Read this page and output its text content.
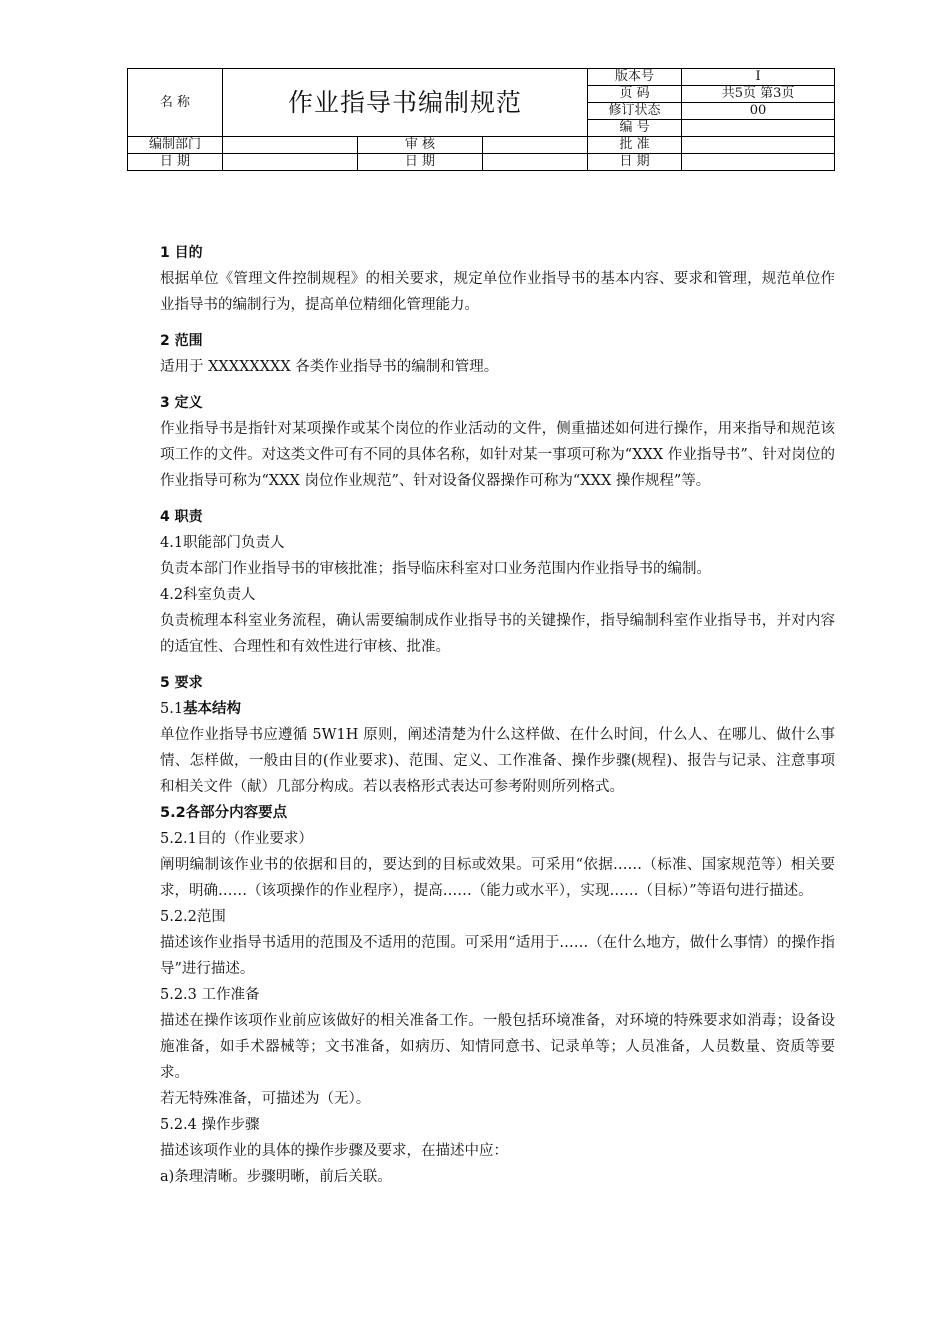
名 称	作业指导书编制规范			版本号	I
				页 码	共5页 第3页
				修订状态	00
				编 号	
编制部门		审 核		批 准	
日 期		日 期		日 期	

1 目的

根据单位《管理文件控制规程》的相关要求，规定单位作业指导书的基本内容、要求和管理，规范单位作业指导书的编制行为，提高单位精细化管理能力。

2 范围

适用于 XXXXXXXX 各类作业指导书的编制和管理。

3 定义

作业指导书是指针对某项操作或某个岗位的作业活动的文件，侧重描述如何进行操作，用来指导和规范该项工作的文件。对这类文件可有不同的具体名称，如针对某一事项可称为“XXX 作业指导书”、针对岗位的作业指导可称为“XXX 岗位作业规范”、针对设备仪器操作可称为“XXX 操作规程”等。

4 职责

4.1职能部门负责人

负责本部门作业指导书的审核批准；指导临床科室对口业务范围内作业指导书的编制。

4.2科室负责人

负责梳理本科室业务流程，确认需要编制成作业指导书的关键操作，指导编制科室作业指导书，并对内容的适宜性、合理性和有效性进行审核、批准。

5 要求

5.1基本结构

单位作业指导书应遵循 5W1H 原则，阐述清楚为什么这样做、在什么时间，什么人、在哪儿、做什么事情、怎样做，一般由目的(作业要求)、范围、定义、工作准备、操作步骤(规程)、报告与记录、注意事项和相关文件（献）几部分构成。若以表格形式表达可参考附则所列格式。

5.2各部分内容要点

5.2.1目的（作业要求）

阐明编制该作业书的依据和目的，要达到的目标或效果。可采用“依据……（标准、国家规范等）相关要求，明确……（该项操作的作业程序），提高……（能力或水平），实现……（目标）”等语句进行描述。

5.2.2范围

描述该作业指导书适用的范围及不适用的范围。可采用“适用于……（在什么地方，做什么事情）的操作指导”进行描述。

5.2.3 工作准备

描述在操作该项作业前应该做好的相关准备工作。一般包括环境准备，对环境的特殊要求如消毒；设备设施准备，如手术器械等；文书准备，如病历、知情同意书、记录单等；人员准备，人员数量、资质等要求。

若无特殊准备，可描述为（无）。

5.2.4 操作步骤

描述该项作业的具体的操作步骤及要求，在描述中应：

a)条理清晰。步骤明晰，前后关联。
